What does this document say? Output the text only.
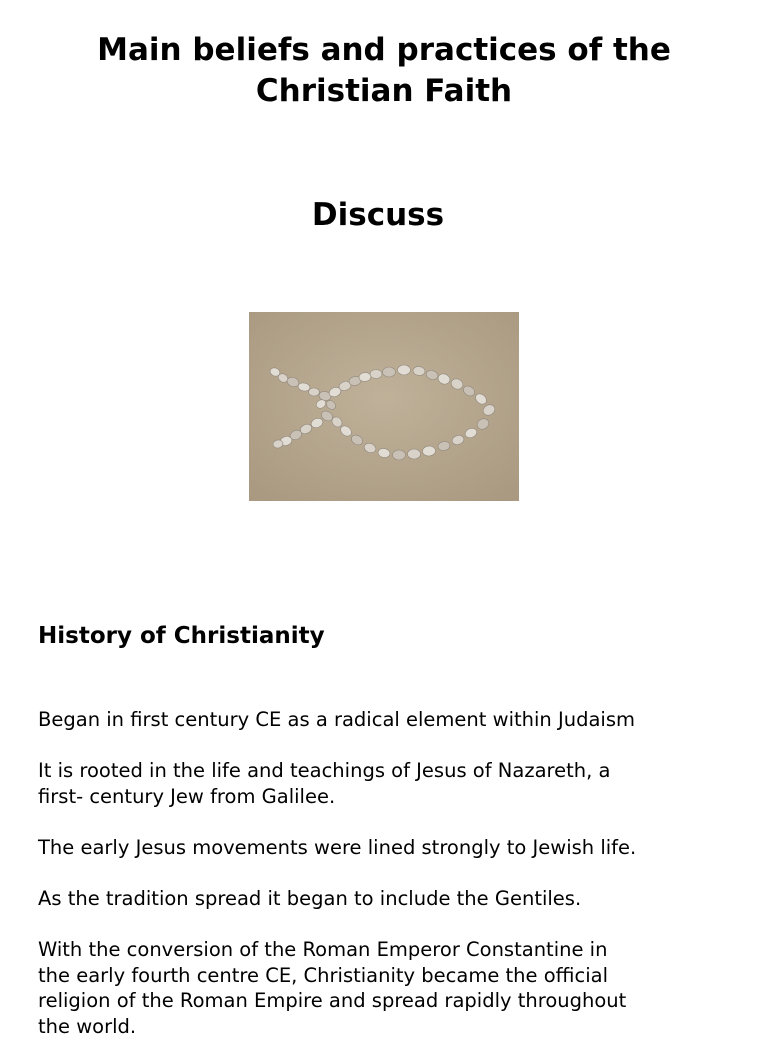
Main beliefs and practices of the
Christian Faith
Discuss
History of Christianity

Began in first century CE as a radical element within Judaism

It is rooted in the life and teachings of Jesus of Nazareth, a
first- century Jew from Galilee.

The early Jesus movements were lined strongly to Jewish life.

As the tradition spread it began to include the Gentiles.

With the conversion of the Roman Emperor Constantine in
the early fourth centre CE, Christianity became the official
religion of the Roman Empire and spread rapidly throughout
the world.
